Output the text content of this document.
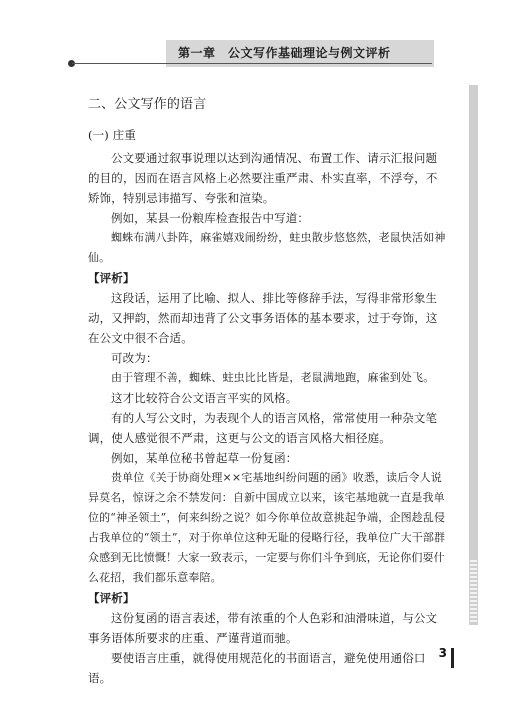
第一章　公文写作基础理论与例文评析

二、公文写作的语言

(一) 庄重

公文要通过叙事说理以达到沟通情况、布置工作、请示汇报问题的目的，因而在语言风格上必然要注重严肃、朴实直率，不浮夸，不矫饰，特别忌讳描写、夸张和渲染。

例如，某县一份粮库检查报告中写道：

蜘蛛布满八卦阵，麻雀嬉戏闹纷纷，蛀虫散步悠悠然，老鼠快活如神仙。

【评析】

这段话，运用了比喻、拟人、排比等修辞手法，写得非常形象生动，又押韵，然而却违背了公文事务语体的基本要求，过于夸饰，这在公文中很不合适。

可改为：

由于管理不善，蜘蛛、蛀虫比比皆是，老鼠满地跑，麻雀到处飞。

这才比较符合公文语言平实的风格。

有的人写公文时，为表现个人的语言风格，常常使用一种杂文笔调，使人感觉很不严肃，这更与公文的语言风格大相径庭。

例如，某单位秘书曾起草一份复函：

贵单位《关于协商处理××宅基地纠纷问题的函》收悉，读后令人说异莫名，惊讶之余不禁发问：自新中国成立以来，该宅基地就一直是我单位的“神圣领土”，何来纠纷之说？如今你单位故意挑起争端，企图趁乱侵占我单位的“领土”，对于你单位这种无耻的侵略行径，我单位广大干部群众感到无比愤慨！大家一致表示，一定要与你们斗争到底，无论你们耍什么花招，我们都乐意奉陪。

【评析】

这份复函的语言表述，带有浓重的个人色彩和油滑味道，与公文事务语体所要求的庄重、严谨背道而驰。

要使语言庄重，就得使用规范化的书面语言，避免使用通俗口语。

3
